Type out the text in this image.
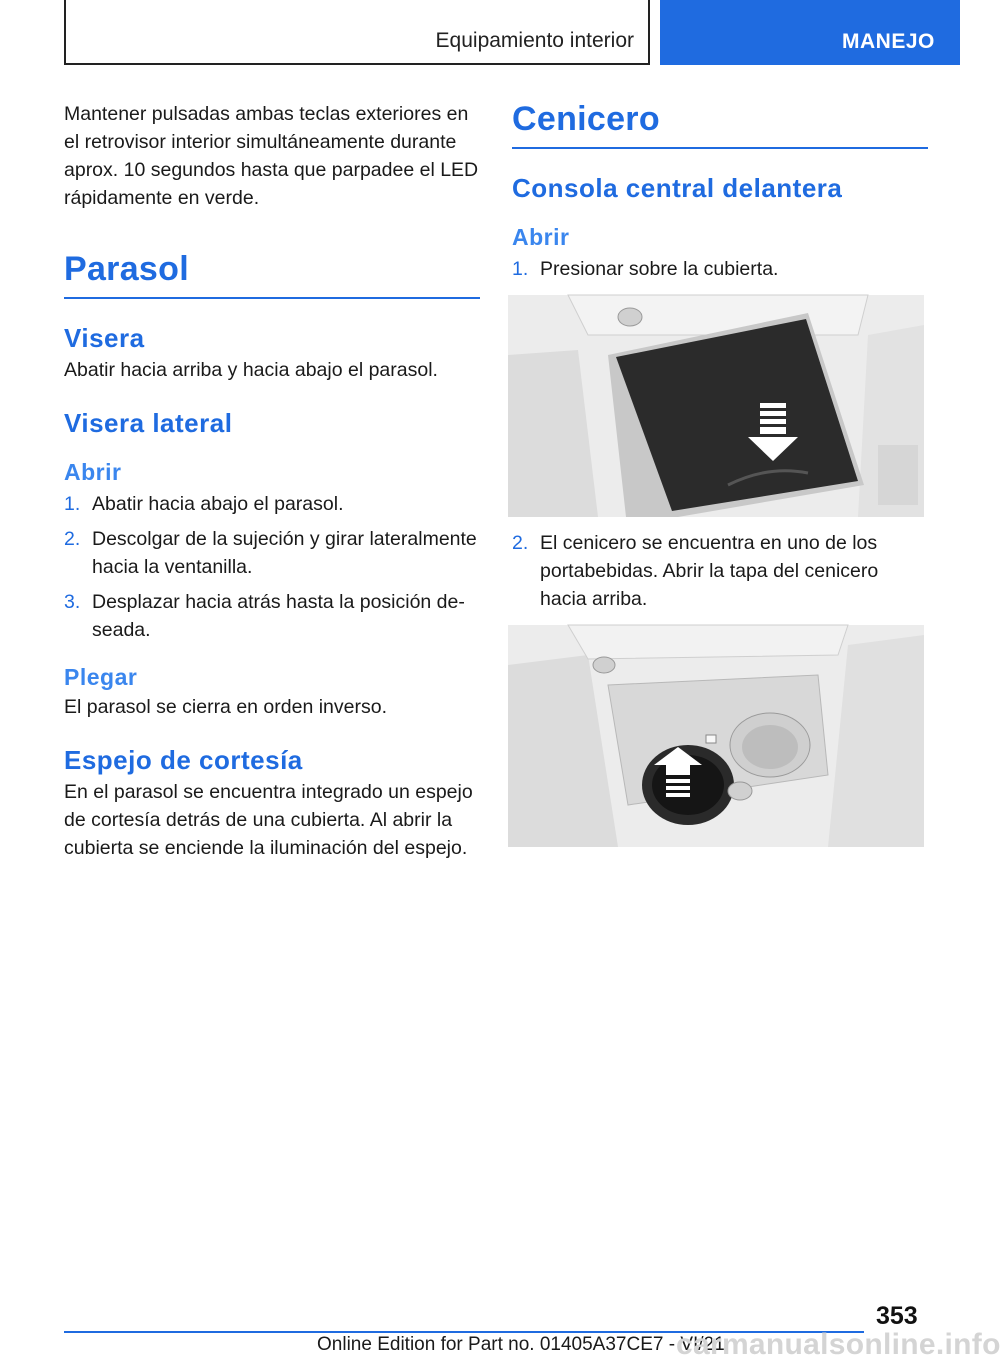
Equipamiento interior	MANEJO

Mantener pulsadas ambas teclas exteriores en el retrovisor interior simultáneamente durante aprox. 10 segundos hasta que parpadee el LED rápidamente en verde.

Parasol
Visera

Abatir hacia arriba y hacia abajo el parasol.

Visera lateral
Abrir
1. Abatir hacia abajo el parasol.
2. Descolgar de la sujeción y girar lateralmente hacia la ventanilla.
3. Desplazar hacia atrás hasta la posición deseada.
Plegar

El parasol se cierra en orden inverso.

Espejo de cortesía

En el parasol se encuentra integrado un espejo de cortesía detrás de una cubierta. Al abrir la cubierta se enciende la iluminación del espejo.

Cenicero
Consola central delantera
Abrir
1. Presionar sobre la cubierta.
2. El cenicero se encuentra en uno de los portabebidas. Abrir la tapa del cenicero hacia arriba.
353
Online Edition for Part no. 01405A37CE7 - VI/21
carmanualsonline.info
